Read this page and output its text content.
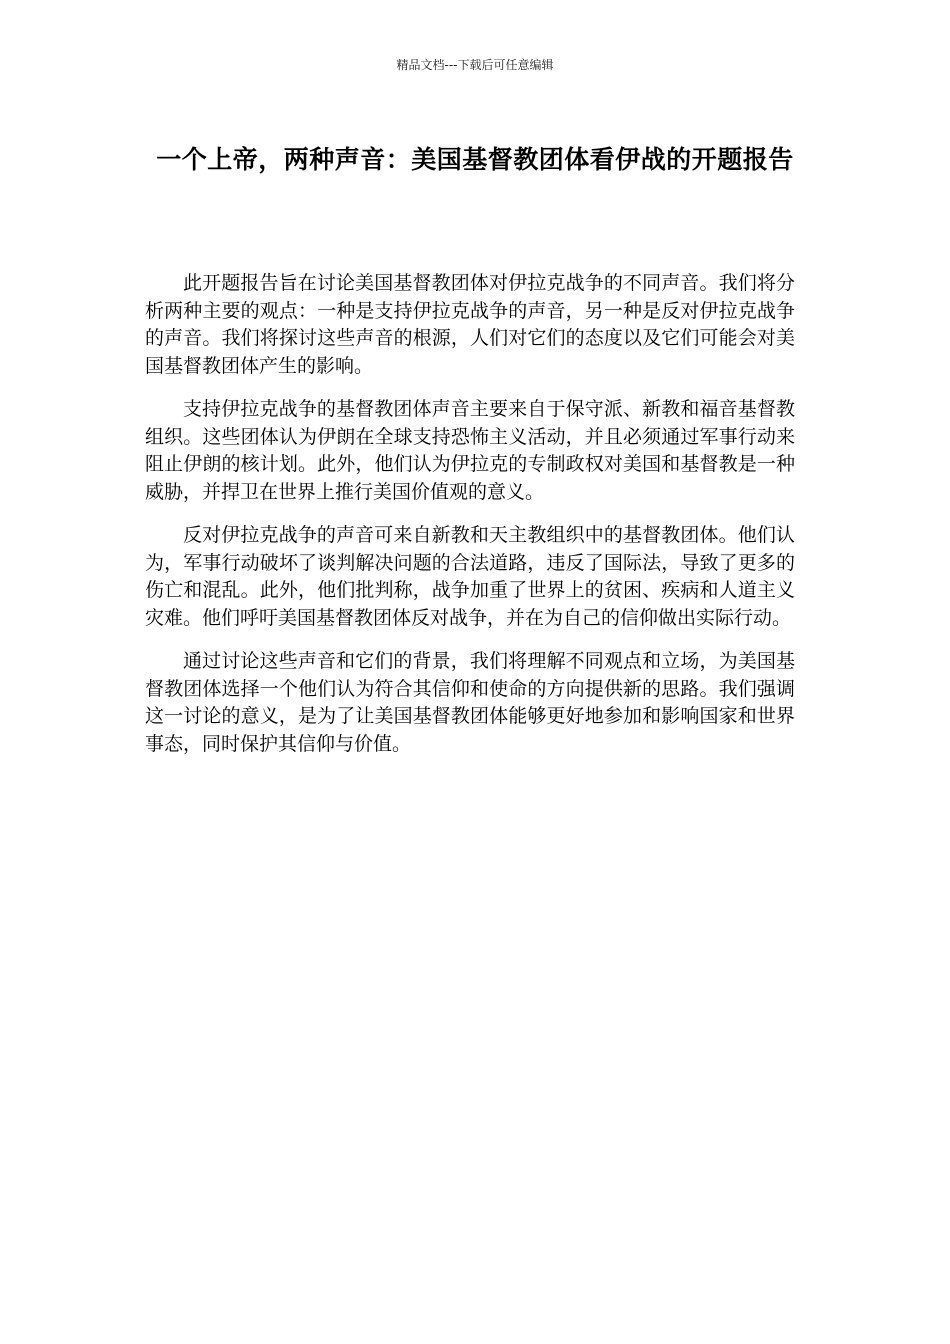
精品文档---下载后可任意编辑
一个上帝，两种声音：美国基督教团体看伊战的开题报告

此开题报告旨在讨论美国基督教团体对伊拉克战争的不同声音。我们将分析两种主要的观点：一种是支持伊拉克战争的声音，另一种是反对伊拉克战争的声音。我们将探讨这些声音的根源，人们对它们的态度以及它们可能会对美国基督教团体产生的影响。

支持伊拉克战争的基督教团体声音主要来自于保守派、新教和福音基督教组织。这些团体认为伊朗在全球支持恐怖主义活动，并且必须通过军事行动来阻止伊朗的核计划。此外，他们认为伊拉克的专制政权对美国和基督教是一种威胁，并捍卫在世界上推行美国价值观的意义。

反对伊拉克战争的声音可来自新教和天主教组织中的基督教团体。他们认为，军事行动破坏了谈判解决问题的合法道路，违反了国际法，导致了更多的伤亡和混乱。此外，他们批判称，战争加重了世界上的贫困、疾病和人道主义灾难。他们呼吁美国基督教团体反对战争，并在为自己的信仰做出实际行动。

通过讨论这些声音和它们的背景，我们将理解不同观点和立场，为美国基督教团体选择一个他们认为符合其信仰和使命的方向提供新的思路。我们强调这一讨论的意义，是为了让美国基督教团体能够更好地参加和影响国家和世界事态，同时保护其信仰与价值。
